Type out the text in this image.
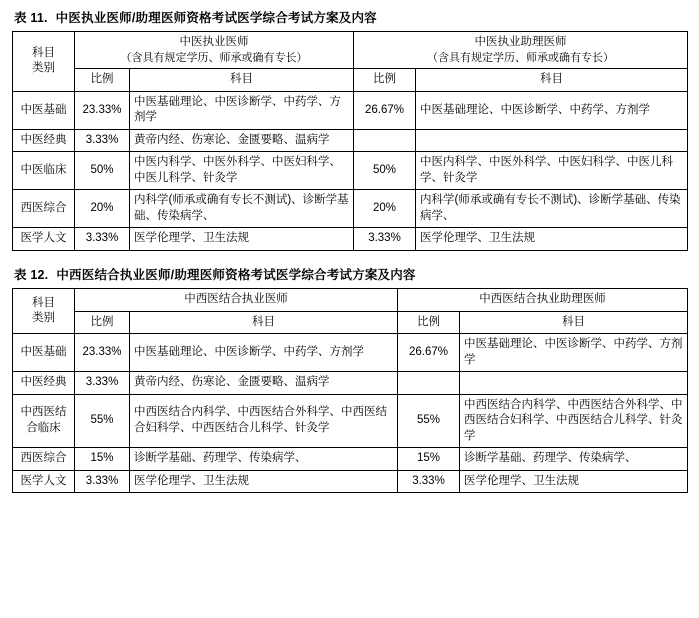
表 11. 中医执业医师/助理医师资格考试医学综合考试方案及内容
科目
类别

中医执业医师
（含具有规定学历、师承或确有专长）

中医执业助理医师
（含具有规定学历、师承或确有专长）

	比例	科目	比例	科目
中医基础	23.33%	中医基础理论、中医诊断学、中药学、方剂学	26.67%	中医基础理论、中医诊断学、中药学、方剂学
中医经典	3.33%	黄帝内经、伤寒论、金匮要略、温病学		
中医临床	50%	中医内科学、中医外科学、中医妇科学、中医儿科学、针灸学	50%	中医内科学、中医外科学、中医妇科学、中医儿科学、针灸学
西医综合	20%	内科学(师承或确有专长不测试)、诊断学基础、传染病学、	20%	内科学(师承或确有专长不测试)、诊断学基础、传染病学、
医学人文	3.33%	医学伦理学、卫生法规	3.33%	医学伦理学、卫生法规
表 12. 中西医结合执业医师/助理医师资格考试医学综合考试方案及内容
科目
类别	中西医结合执业医师		中西医结合执业助理医师	

	比例	科目	比例	科目
中医基础	23.33%	中医基础理论、中医诊断学、中药学、方剂学	26.67%	中医基础理论、中医诊断学、中药学、方剂学
中医经典	3.33%	黄帝内经、伤寒论、金匮要略、温病学		

中西医结
合临床	55%	中西医结合内科学、中西医结合外科学、中西医结合妇科学、中西医结合儿科学、针灸学	55%	中西医结合内科学、中西医结合外科学、中西医结合妇科学、中西医结合儿科学、针灸学
西医综合	15%	诊断学基础、药理学、传染病学、	15%	诊断学基础、药理学、传染病学、
医学人文	3.33%	医学伦理学、卫生法规	3.33%	医学伦理学、卫生法规
